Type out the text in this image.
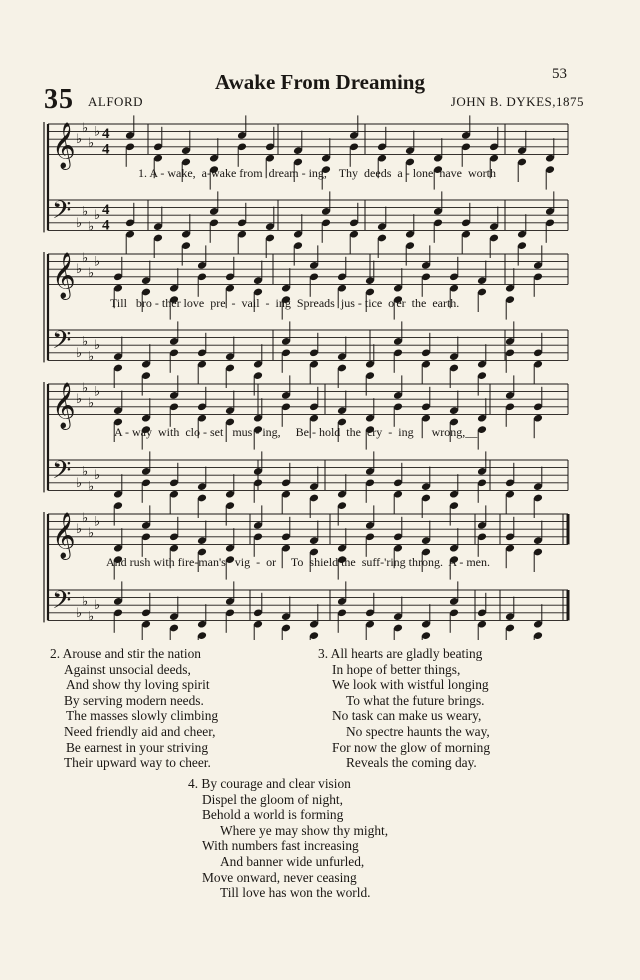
53
Awake From Dreaming
35 ALFORD	JOHN B. DYKES,1875
𝄞 ♭
♭
♭
♭ 4
4
𝄢 ♭
♭
♭
♭ 4
4
𝄞 ♭
♭
♭
♭
𝄢 ♭
♭
♭
♭
𝄞 ♭
♭
♭
♭
𝄢 ♭
♭
♭
♭
𝄞 ♭
♭
♭
♭
𝄢 ♭
♭
♭
♭
1. A - wake,  a-wake from  dream - ing,    Thy  deeds  a - lone  have  worth
Till   bro - ther love  pre  -  vail  -  ing  Spreads  jus - tice  o'er  the  earth.
A - way  with  clo - set   mus - ing,     Be - hold  the  cry  -  ing      wrong,__
And rush with fire-man's   vig  -  or     To  shield the  suff-'ring throng.  A - men.
2. Arouse and stir the nation
Against unsocial deeds,
And show thy loving spirit
By serving modern needs.
The masses slowly climbing
Need friendly aid and cheer,
Be earnest in your striving
Their upward way to cheer.
3. All hearts are gladly beating
In hope of better things,
We look with wistful longing
To what the future brings.
No task can make us weary,
No spectre haunts the way,
For now the glow of morning
Reveals the coming day.
4. By courage and clear vision
Dispel the gloom of night,
Behold a world is forming
Where ye may show thy might,
With numbers fast increasing
And banner wide unfurled,
Move onward, never ceasing
Till love has won the world.
